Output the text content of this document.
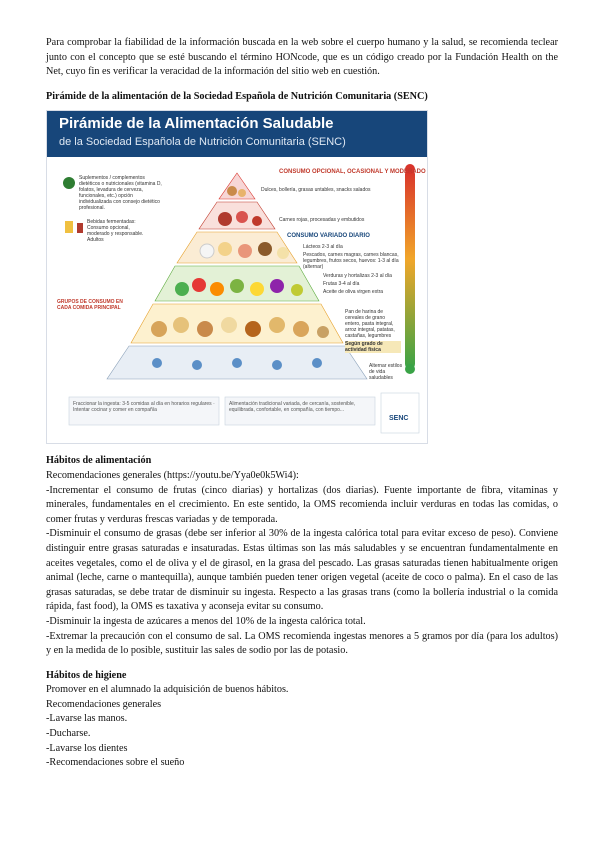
Para comprobar la fiabilidad de la información buscada en la web sobre el cuerpo humano y la salud, se recomienda teclear junto con el concepto que se esté buscando el término HONcode, que es un código creado por la Fundación Health on the Net, cuyo fin es verificar la veracidad de la información del sitio web en cuestión.

Pirámide de la alimentación de la Sociedad Española de Nutrición Comunitaria (SENC)

Pirámide de la Alimentación Saludable
de la Sociedad Española de Nutrición Comunitaria (SENC)
CONSUMO OPCIONAL, OCASIONAL Y MODERADO
CONSUMO VARIADO DIARIO
Suplementos / complementos dietéticos o nutricionales (vitamina D, folatos, levadura de cerveza, funcionales, etc.) opción individualizada con consejo dietético profesional.
Bebidas fermentadas: Consumo opcional, moderado y responsable. Adultos
GRUPOS DE CONSUMO EN CADA COMIDA PRINCIPAL
Dulces, bollería, grasas untables, snacks salados
Carnes rojas, procesadas y embutidos
Lácteos 2-3 al día
Pescados, carnes magras, carnes blancas, legumbres, frutos secos, huevos: 1-3 al día (alternar)
Verduras y hortalizas 2-3 al día
Frutas 3-4 al día
Aceite de oliva virgen extra
Pan de harina de cereales de grano entero, pasta integral, arroz integral, patatas, castañas, legumbres
Según grado de actividad física
Alternar estilos de vida saludables
Fraccionar la ingesta: 3-5 comidas al día en horarios regulares · Intentar cocinar y comer en compañía
Alimentación tradicional variada, de cercanía, sostenible, equilibrada, confortable, en compañía, con tiempo...
SENC

Hábitos de alimentación

Recomendaciones generales (https://youtu.be/Yya0e0k5Wi4):

-Incrementar el consumo de frutas (cinco diarias) y hortalizas (dos diarias). Fuente importante de fibra, vitaminas y minerales, fundamentales en el crecimiento. En este sentido, la OMS recomienda incluir verduras en todas las comidas, o comer frutas y verduras frescas variadas y de temporada.

-Disminuir el consumo de grasas (debe ser inferior al 30% de la ingesta calórica total para evitar exceso de peso). Conviene distinguir entre grasas saturadas e insaturadas. Estas últimas son las más saludables y se encuentran fundamentalmente en aceites vegetales, como el de oliva y el de girasol, en la grasa del pescado. Las grasas saturadas tienen habitualmente origen animal (leche, carne o mantequilla), aunque también pueden tener origen vegetal (aceite de coco o palma). En el caso de las grasas saturadas, se debe tratar de disminuir su ingesta. Respecto a las grasas trans (como la bollería industrial o la comida rápida, fast food), la OMS es taxativa y aconseja evitar su consumo.

-Disminuir la ingesta de azúcares a menos del 10% de la ingesta calórica total.

-Extremar la precaución con el consumo de sal. La OMS recomienda ingestas menores a 5 gramos por día (para los adultos) y en la medida de lo posible, sustituir las sales de sodio por las de potasio.

Hábitos de higiene

Promover en el alumnado la adquisición de buenos hábitos.

Recomendaciones generales

-Lavarse las manos.

-Ducharse.

-Lavarse los dientes

-Recomendaciones sobre el sueño
